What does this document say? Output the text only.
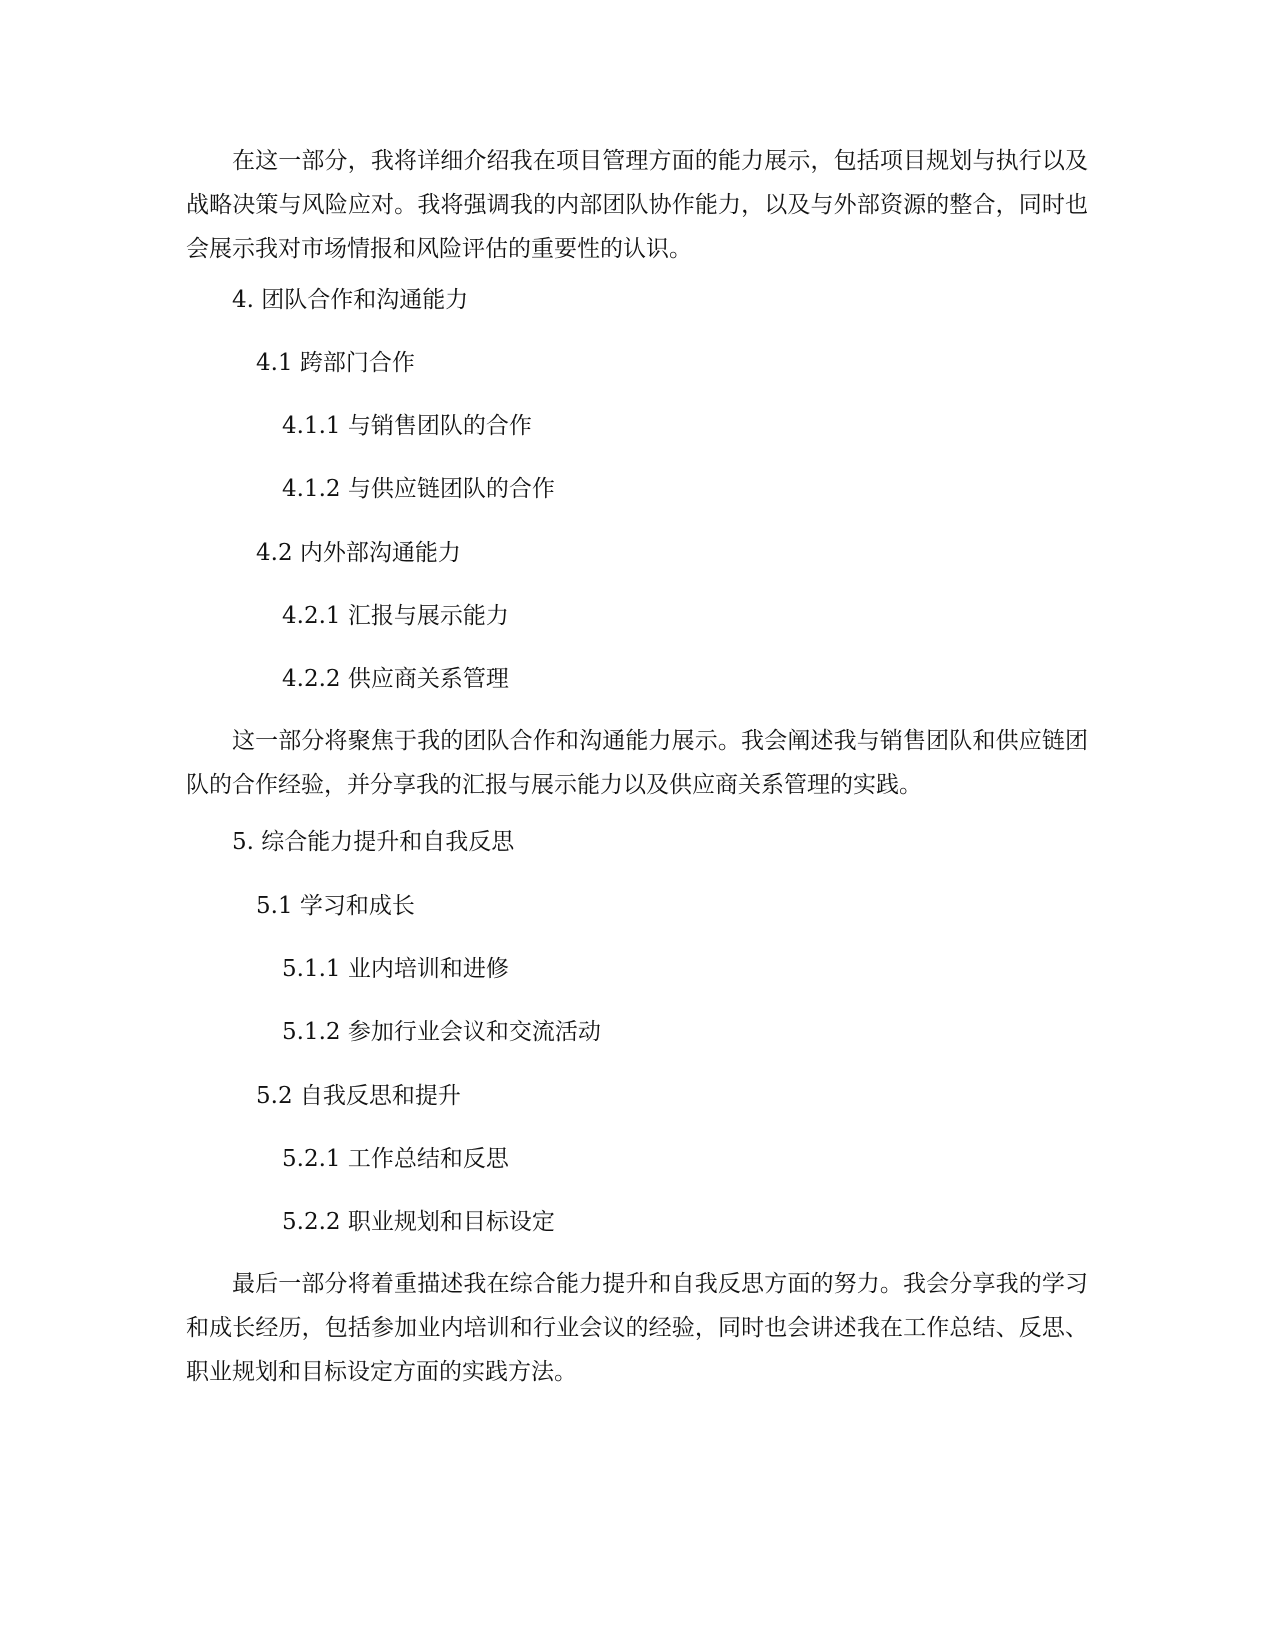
在这一部分，我将详细介绍我在项目管理方面的能力展示，包括项目规划与执行以及战略决策与风险应对。我将强调我的内部团队协作能力，以及与外部资源的整合，同时也会展示我对市场情报和风险评估的重要性的认识。

4. 团队合作和沟通能力
4.1 跨部门合作
4.1.1 与销售团队的合作
4.1.2 与供应链团队的合作
4.2 内外部沟通能力
4.2.1 汇报与展示能力
4.2.2 供应商关系管理

这一部分将聚焦于我的团队合作和沟通能力展示。我会阐述我与销售团队和供应链团队的合作经验，并分享我的汇报与展示能力以及供应商关系管理的实践。

5. 综合能力提升和自我反思
5.1 学习和成长
5.1.1 业内培训和进修
5.1.2 参加行业会议和交流活动
5.2 自我反思和提升
5.2.1 工作总结和反思
5.2.2 职业规划和目标设定

最后一部分将着重描述我在综合能力提升和自我反思方面的努力。我会分享我的学习和成长经历，包括参加业内培训和行业会议的经验，同时也会讲述我在工作总结、反思、职业规划和目标设定方面的实践方法。
